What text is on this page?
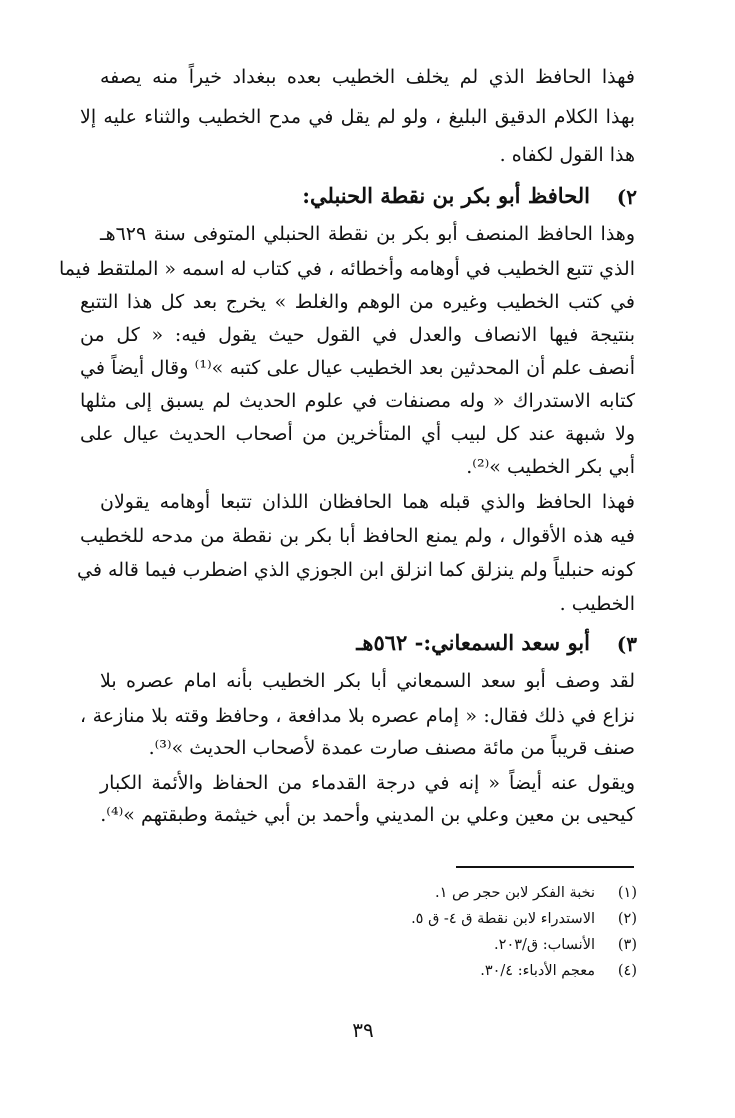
فهذا الحافظ الذي لم يخلف الخطيب بعده ببغداد خيراً منه يصفه
بهذا الكلام الدقيق البليغ ، ولو لم يقل في مدح الخطيب والثناء عليه إلا
هذا القول لكفاه .
٢)
الحافظ أبو بكر بن نقطة الحنبلي:
وهذا الحافظ المنصف أبو بكر بن نقطة الحنبلي المتوفى سنة ٦٢٩هـ
الذي تتبع الخطيب في أوهامه وأخطائه ، في كتاب له اسمه « الملتقط فيما
في كتب الخطيب وغيره من الوهم والغلط » يخرج بعد كل هذا التتبع
بنتيجة فيها الانصاف والعدل في القول حيث يقول فيه: « كل من
أنصف علم أن المحدثين بعد الخطيب عيال على كتبه »⁽¹⁾ وقال أيضاً في
كتابه الاستدراك « وله مصنفات في علوم الحديث لم يسبق إلى مثلها
ولا شبهة عند كل لبيب أي المتأخرين من أصحاب الحديث عيال على
أبي بكر الخطيب »⁽²⁾.
فهذا الحافظ والذي قبله هما الحافظان اللذان تتبعا أوهامه يقولان
فيه هذه الأقوال ، ولم يمنع الحافظ أبا بكر بن نقطة من مدحه للخطيب
كونه حنبلياً ولم ينزلق كما انزلق ابن الجوزي الذي اضطرب فيما قاله في
الخطيب .
٣)
أبو سعد السمعاني:- ٥٦٢هـ
لقد وصف أبو سعد السمعاني أبا بكر الخطيب بأنه امام عصره بلا
نزاع في ذلك فقال: « إمام عصره بلا مدافعة ، وحافظ وقته بلا منازعة ،
صنف قريباً من مائة مصنف صارت عمدة لأصحاب الحديث »⁽³⁾.
ويقول عنه أيضاً « إنه في درجة القدماء من الحفاظ والأئمة الكبار
كيحيى بن معين وعلي بن المديني وأحمد بن أبي خيثمة وطبقتهم »⁽⁴⁾.
(١)
نخبة الفكر لابن حجر ص ١.
(٢)
الاستدراء لابن نقطة ق ٤- ق ٥.
(٣)
الأنساب: ق/٢٠٣.
(٤)
معجم الأدباء: ٣٠/٤.
٣٩
